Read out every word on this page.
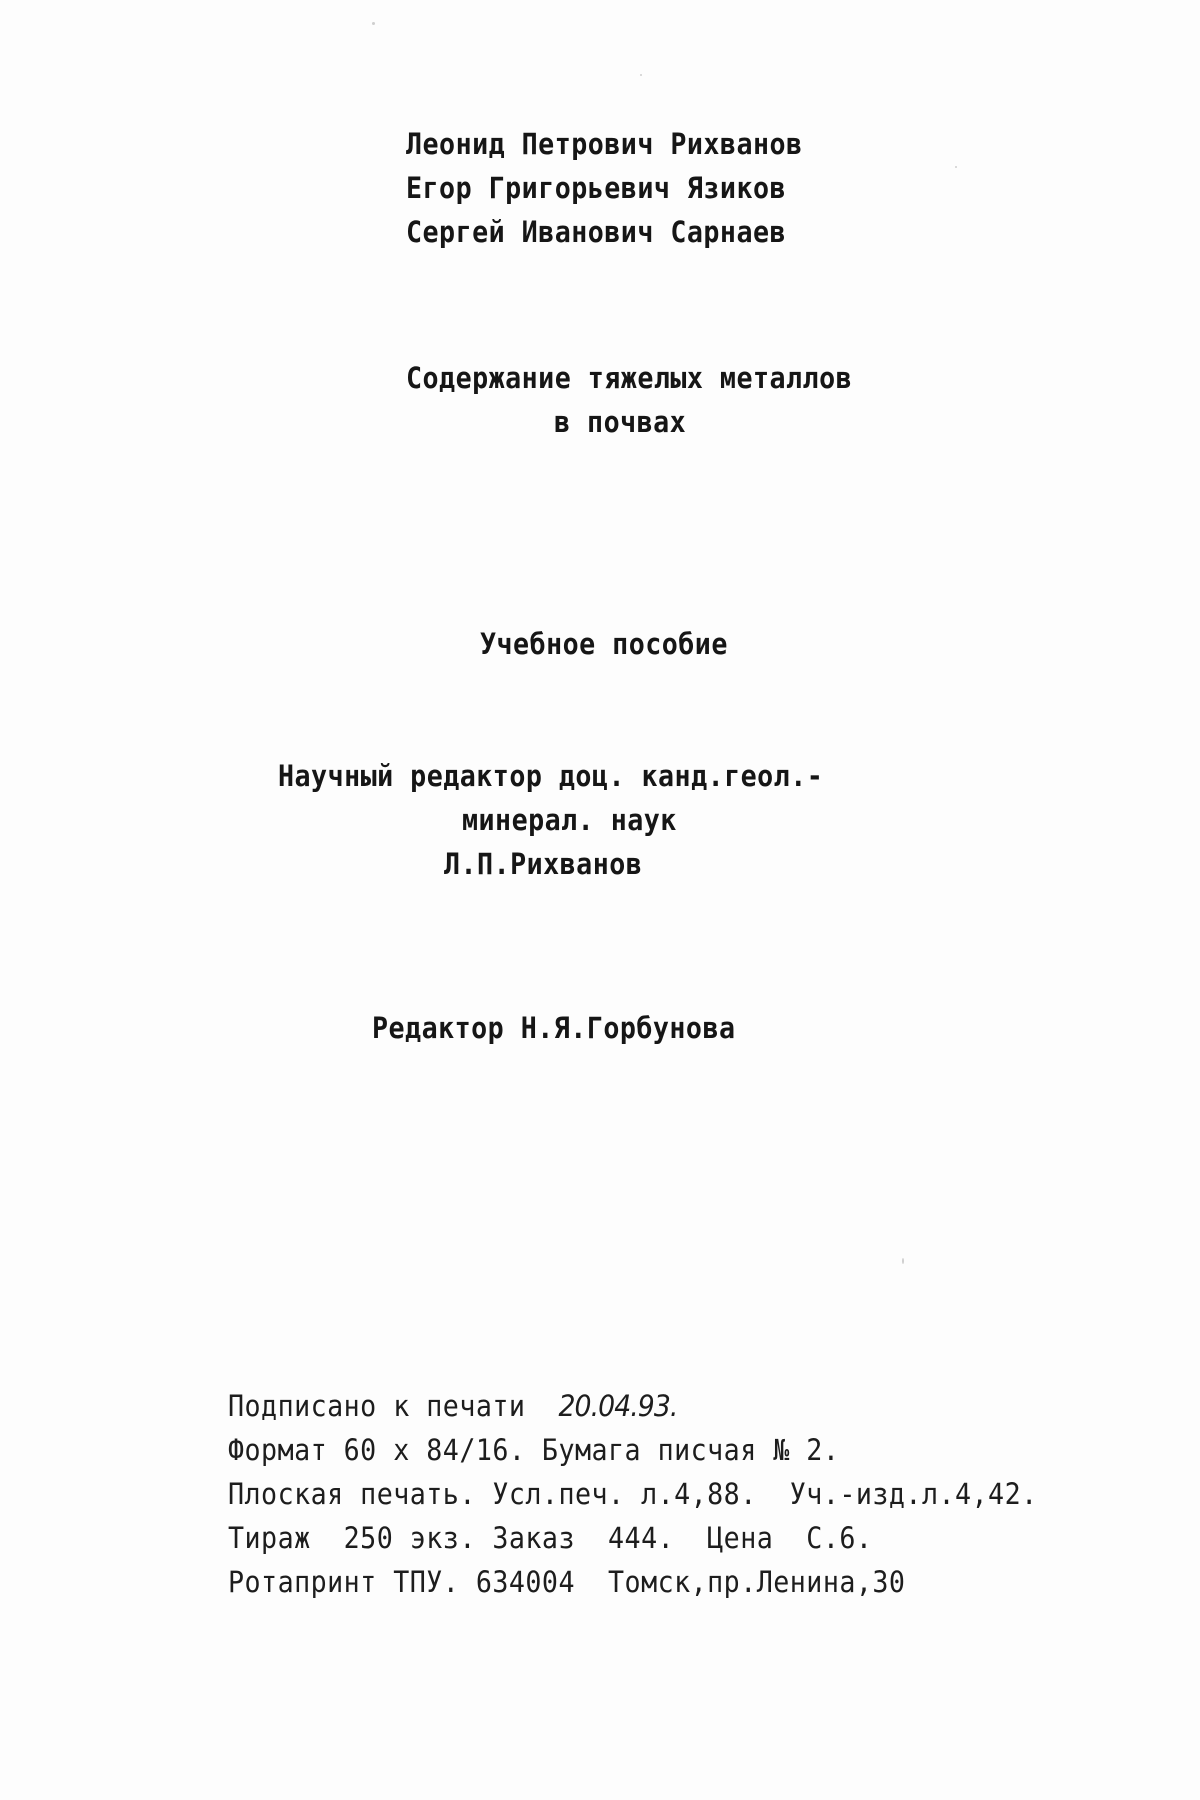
Леонид Петрович Рихванов
Егор Григорьевич Язиков
Сергей Иванович Сарнаев
Содержание тяжелых металлов
в почвах
Учебное пособие
Научный редактор доц. канд.геол.-
минерал. наук
Л.П.Рихванов
Редактор Н.Я.Горбунова
Подписано к печати 20.04.93.
Формат 60 х 84/16. Бумага писчая № 2.
Плоская печать. Усл.печ. л.4,88.  Уч.-изд.л.4,42.
Тираж  250 экз. Заказ  444.  Цена  С.6.
Ротапринт ТПУ. 634004  Томск,пр.Ленина,30
